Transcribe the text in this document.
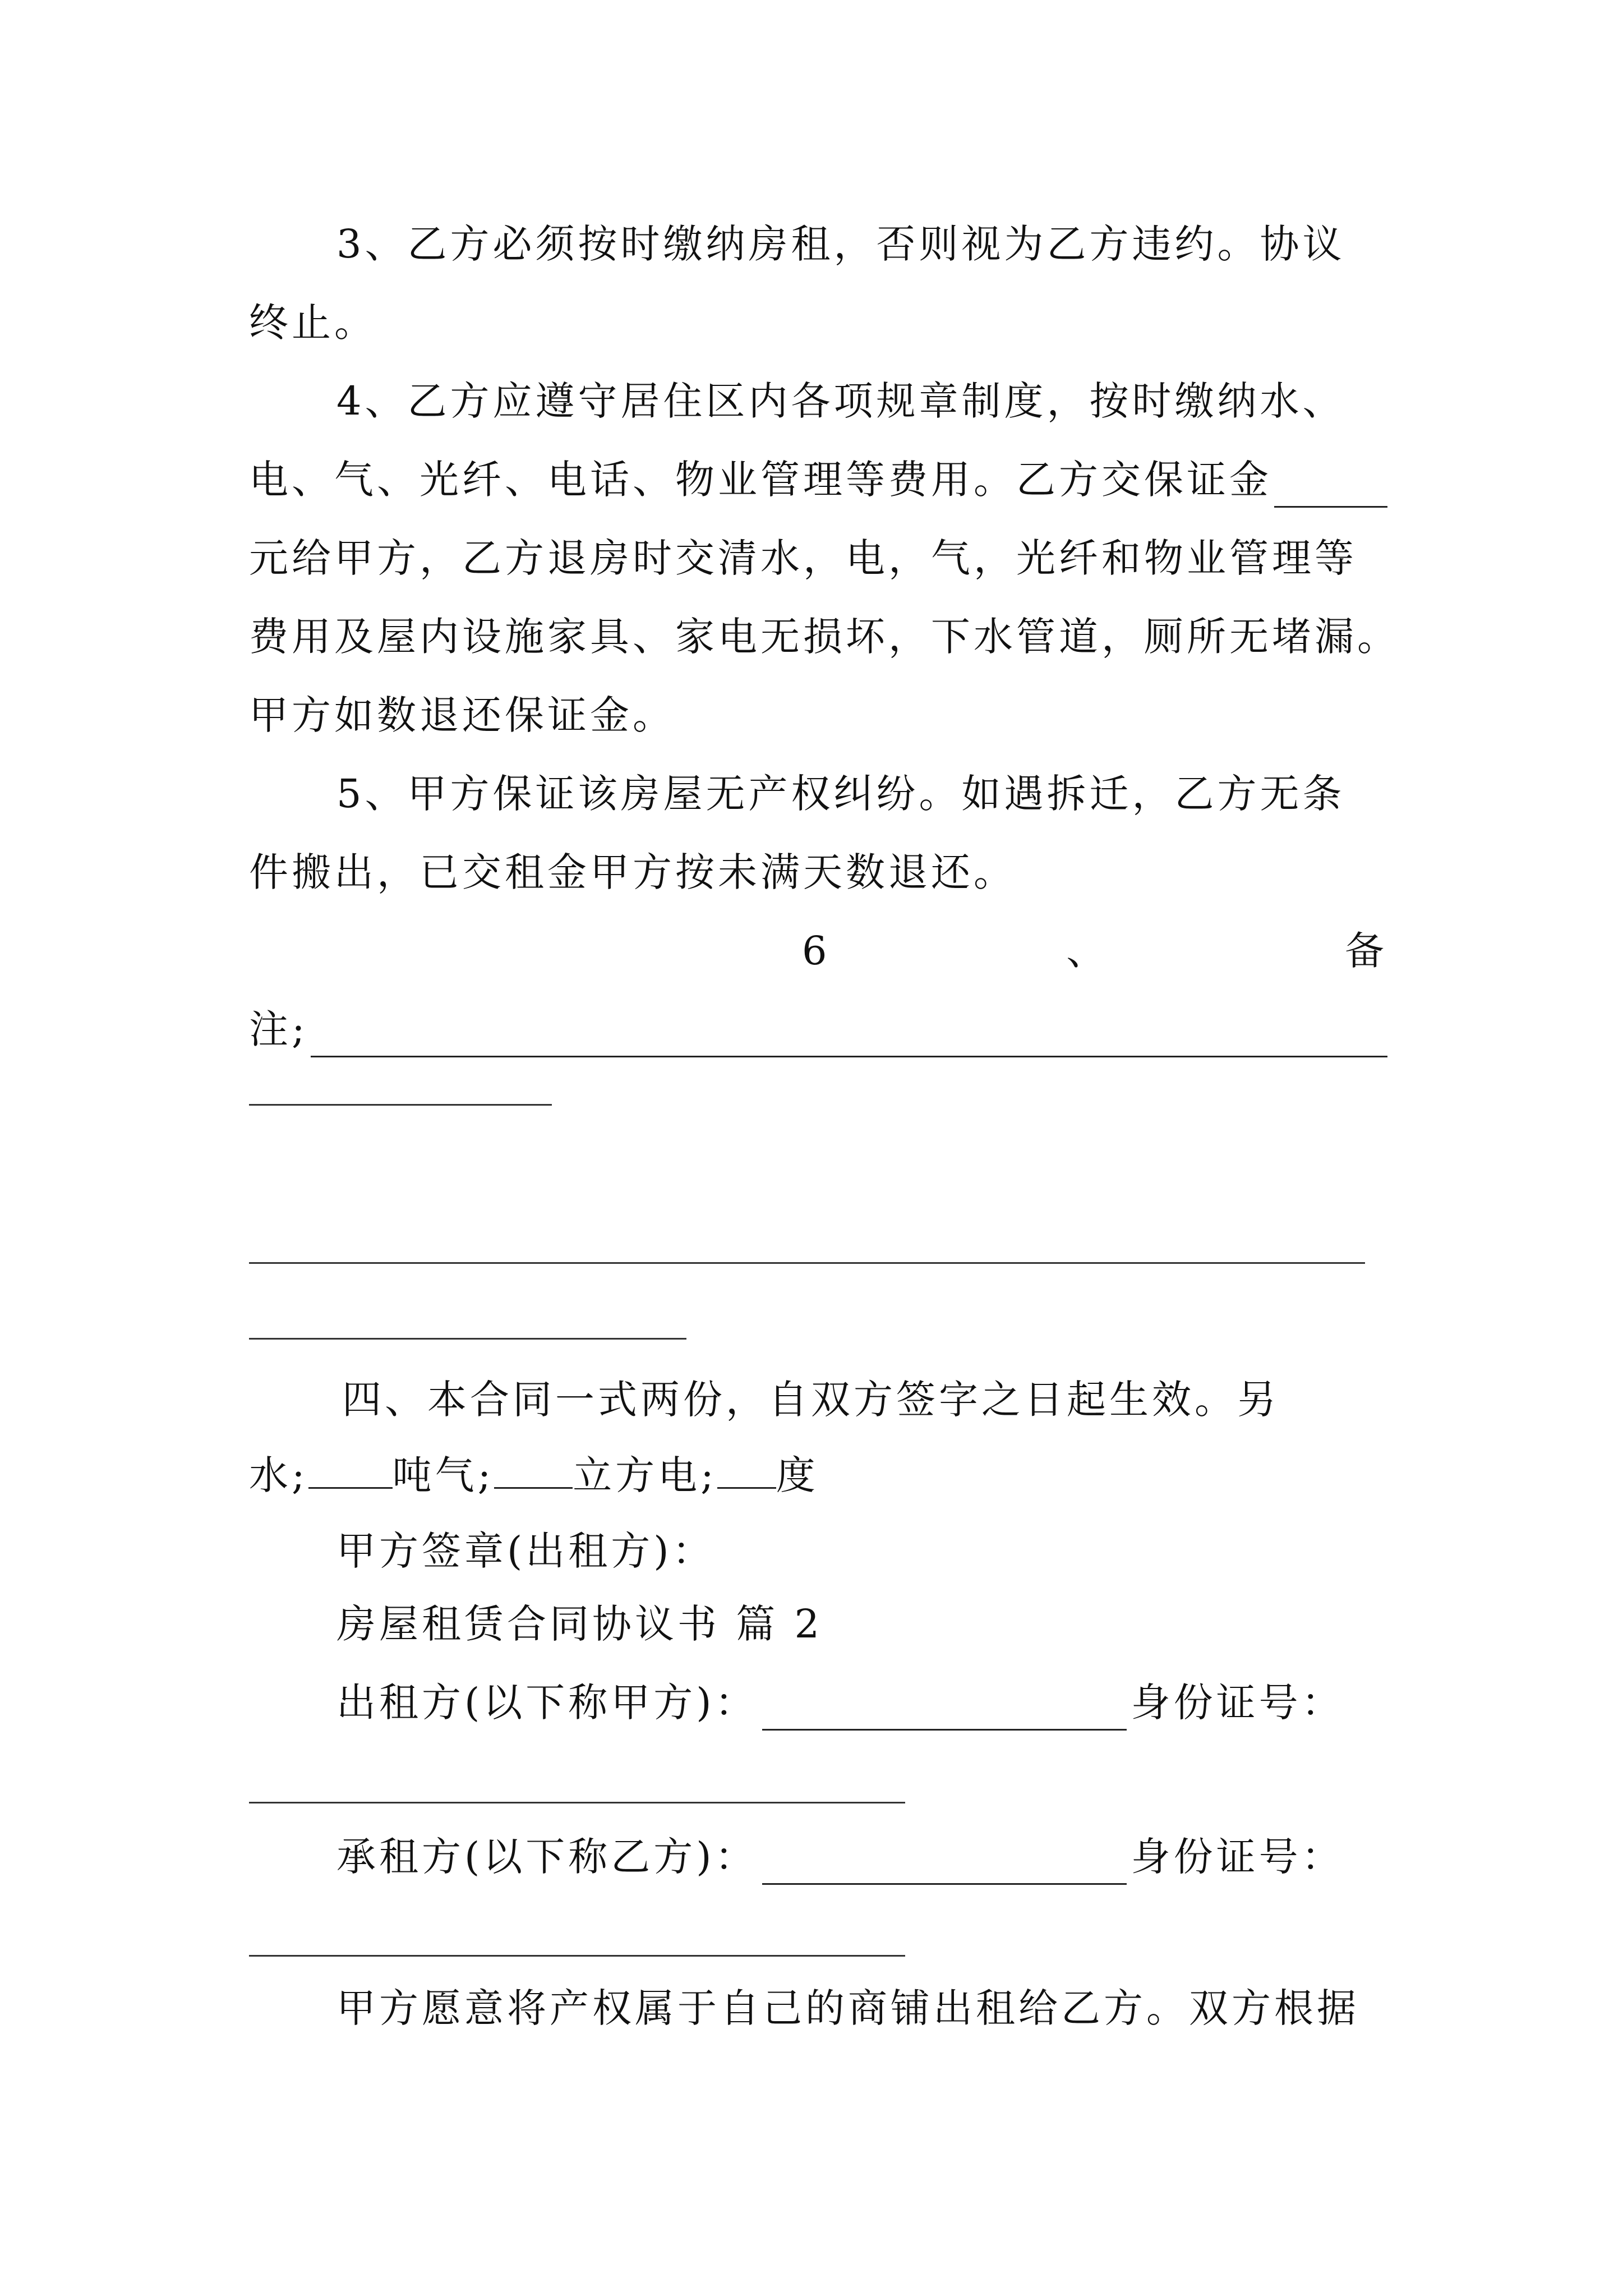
3、乙方必须按时缴纳房租，否则视为乙方违约。协议
终止。
4、乙方应遵守居住区内各项规章制度，按时缴纳水、
电、气、光纤、电话、物业管理等费用。乙方交保证金
元给甲方，乙方退房时交清水，电，气，光纤和物业管理等
费用及屋内设施家具、家电无损坏，下水管道，厕所无堵漏。
甲方如数退还保证金。
5、甲方保证该房屋无产权纠纷。如遇拆迁，乙方无条
件搬出，已交租金甲方按未满天数退还。
6	、	备
注;
四、本合同一式两份，自双方签字之日起生效。另
水; 吨气; 立方电; 度
甲方签章(出租方)：
房屋租赁合同协议书 篇 2
出租方(以下称甲方)：	身份证号：
承租方(以下称乙方)：	身份证号：
甲方愿意将产权属于自己的商铺出租给乙方。双方根据
